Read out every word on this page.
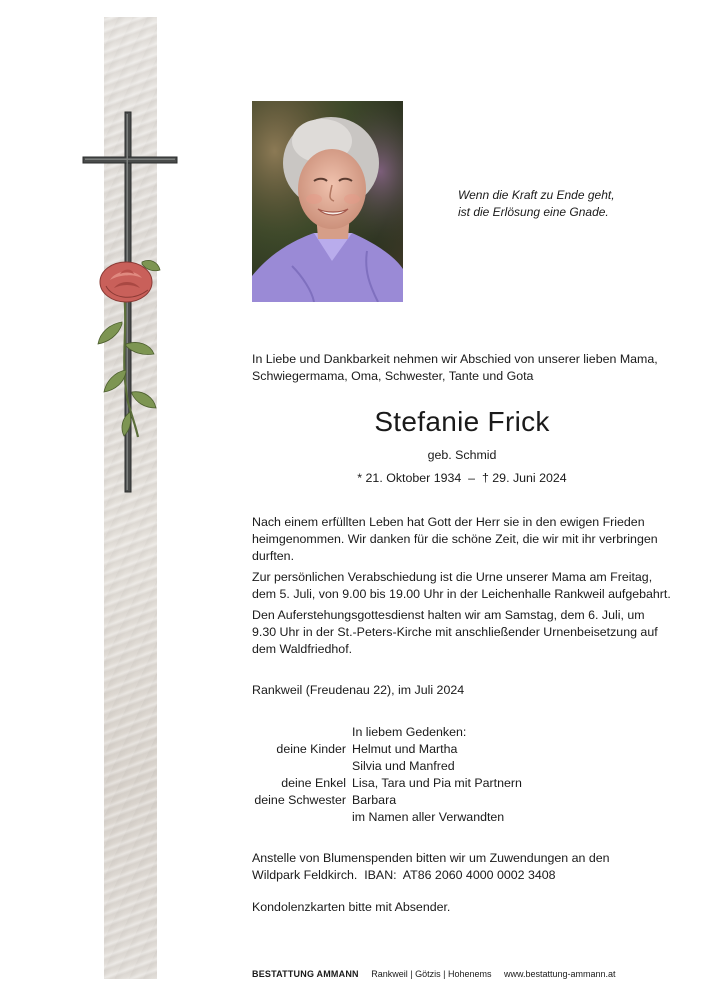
Wenn die Kraft zu Ende geht,
ist die Erlösung eine Gnade.
In Liebe und Dankbarkeit nehmen wir Abschied von unserer lieben Mama,
Schwiegermama, Oma, Schwester, Tante und Gota
Stefanie Frick
geb. Schmid
* 21. Oktober 1934  –  † 29. Juni 2024

Nach einem erfüllten Leben hat Gott der Herr sie in den ewigen Frieden heimgenommen. Wir danken für die schöne Zeit, die wir mit ihr verbringen durften.

Zur persönlichen Verabschiedung ist die Urne unserer Mama am Freitag, dem 5. Juli, von 9.00 bis 19.00 Uhr in der Leichenhalle Rankweil aufgebahrt.

Den Auferstehungsgottesdienst halten wir am Samstag, dem 6. Juli, um 9.30 Uhr in der St.-Peters-Kirche mit anschließender Urnenbeisetzung auf dem Waldfriedhof.

Rankweil (Freudenau 22), im Juli 2024
In liebem Gedenken:
deine Kinder Helmut und Martha
Silvia und Manfred
deine Enkel Lisa, Tara und Pia mit Partnern
deine Schwester Barbara
im Namen aller Verwandten
Anstelle von Blumenspenden bitten wir um Zuwendungen an den
Wildpark Feldkirch.  IBAN:  AT86 2060 4000 0002 3408
Kondolenzkarten bitte mit Absender.
BESTATTUNG AMMANN Rankweil | Götzis | Hohenems www.bestattung-ammann.at
